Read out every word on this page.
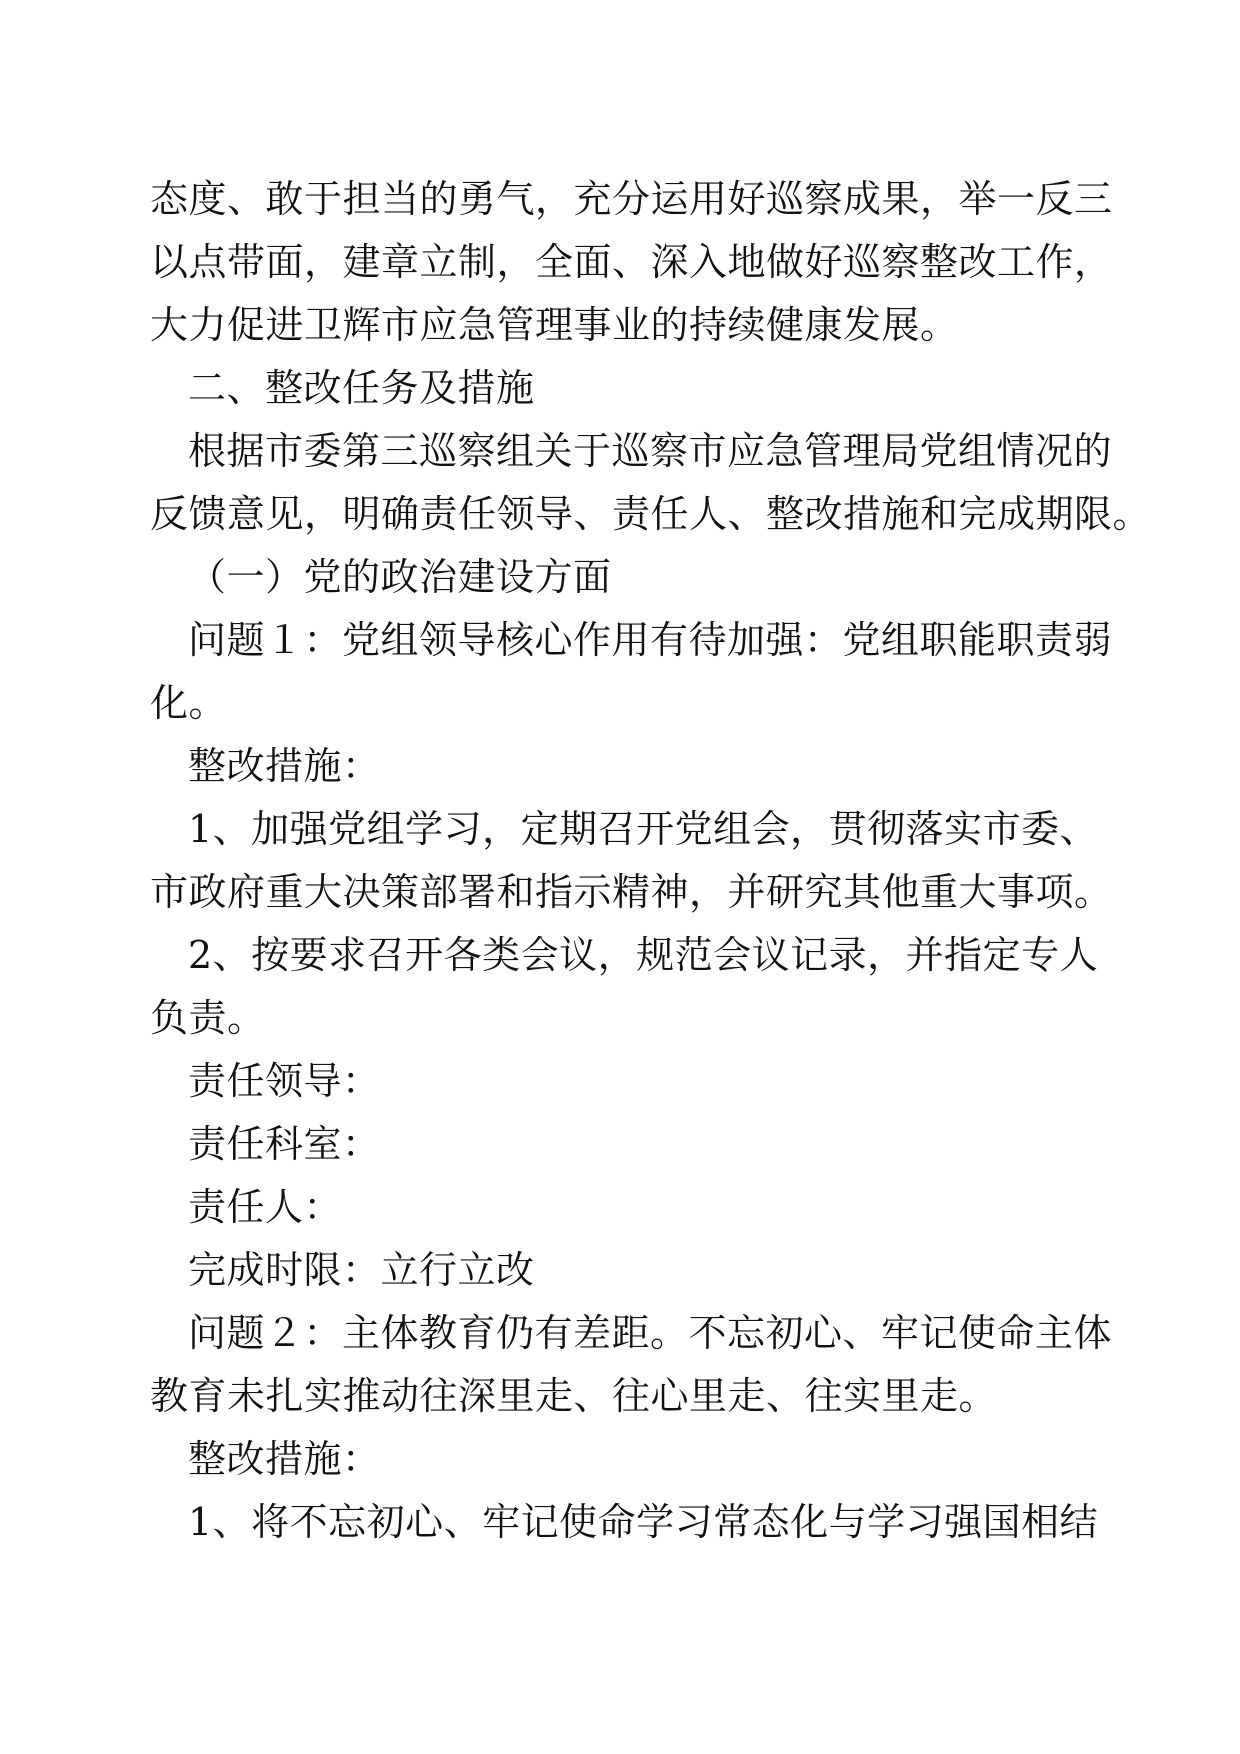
态度、敢于担当的勇气，充分运用好巡察成果，举一反三
以点带面，建章立制，全面、深入地做好巡察整改工作，
大力促进卫辉市应急管理事业的持续健康发展。
二、整改任务及措施
根据市委第三巡察组关于巡察市应急管理局党组情况的
反馈意见，明确责任领导、责任人、整改措施和完成期限。
（一）党的政治建设方面
问题１：党组领导核心作用有待加强：党组职能职责弱
化。
整改措施：
1、加强党组学习，定期召开党组会，贯彻落实市委、
市政府重大决策部署和指示精神，并研究其他重大事项。
2、按要求召开各类会议，规范会议记录，并指定专人
负责。
责任领导：
责任科室：
责任人：
完成时限：立行立改
问题２：主体教育仍有差距。不忘初心、牢记使命主体
教育未扎实推动往深里走、往心里走、往实里走。
整改措施：
1、将不忘初心、牢记使命学习常态化与学习强国相结
